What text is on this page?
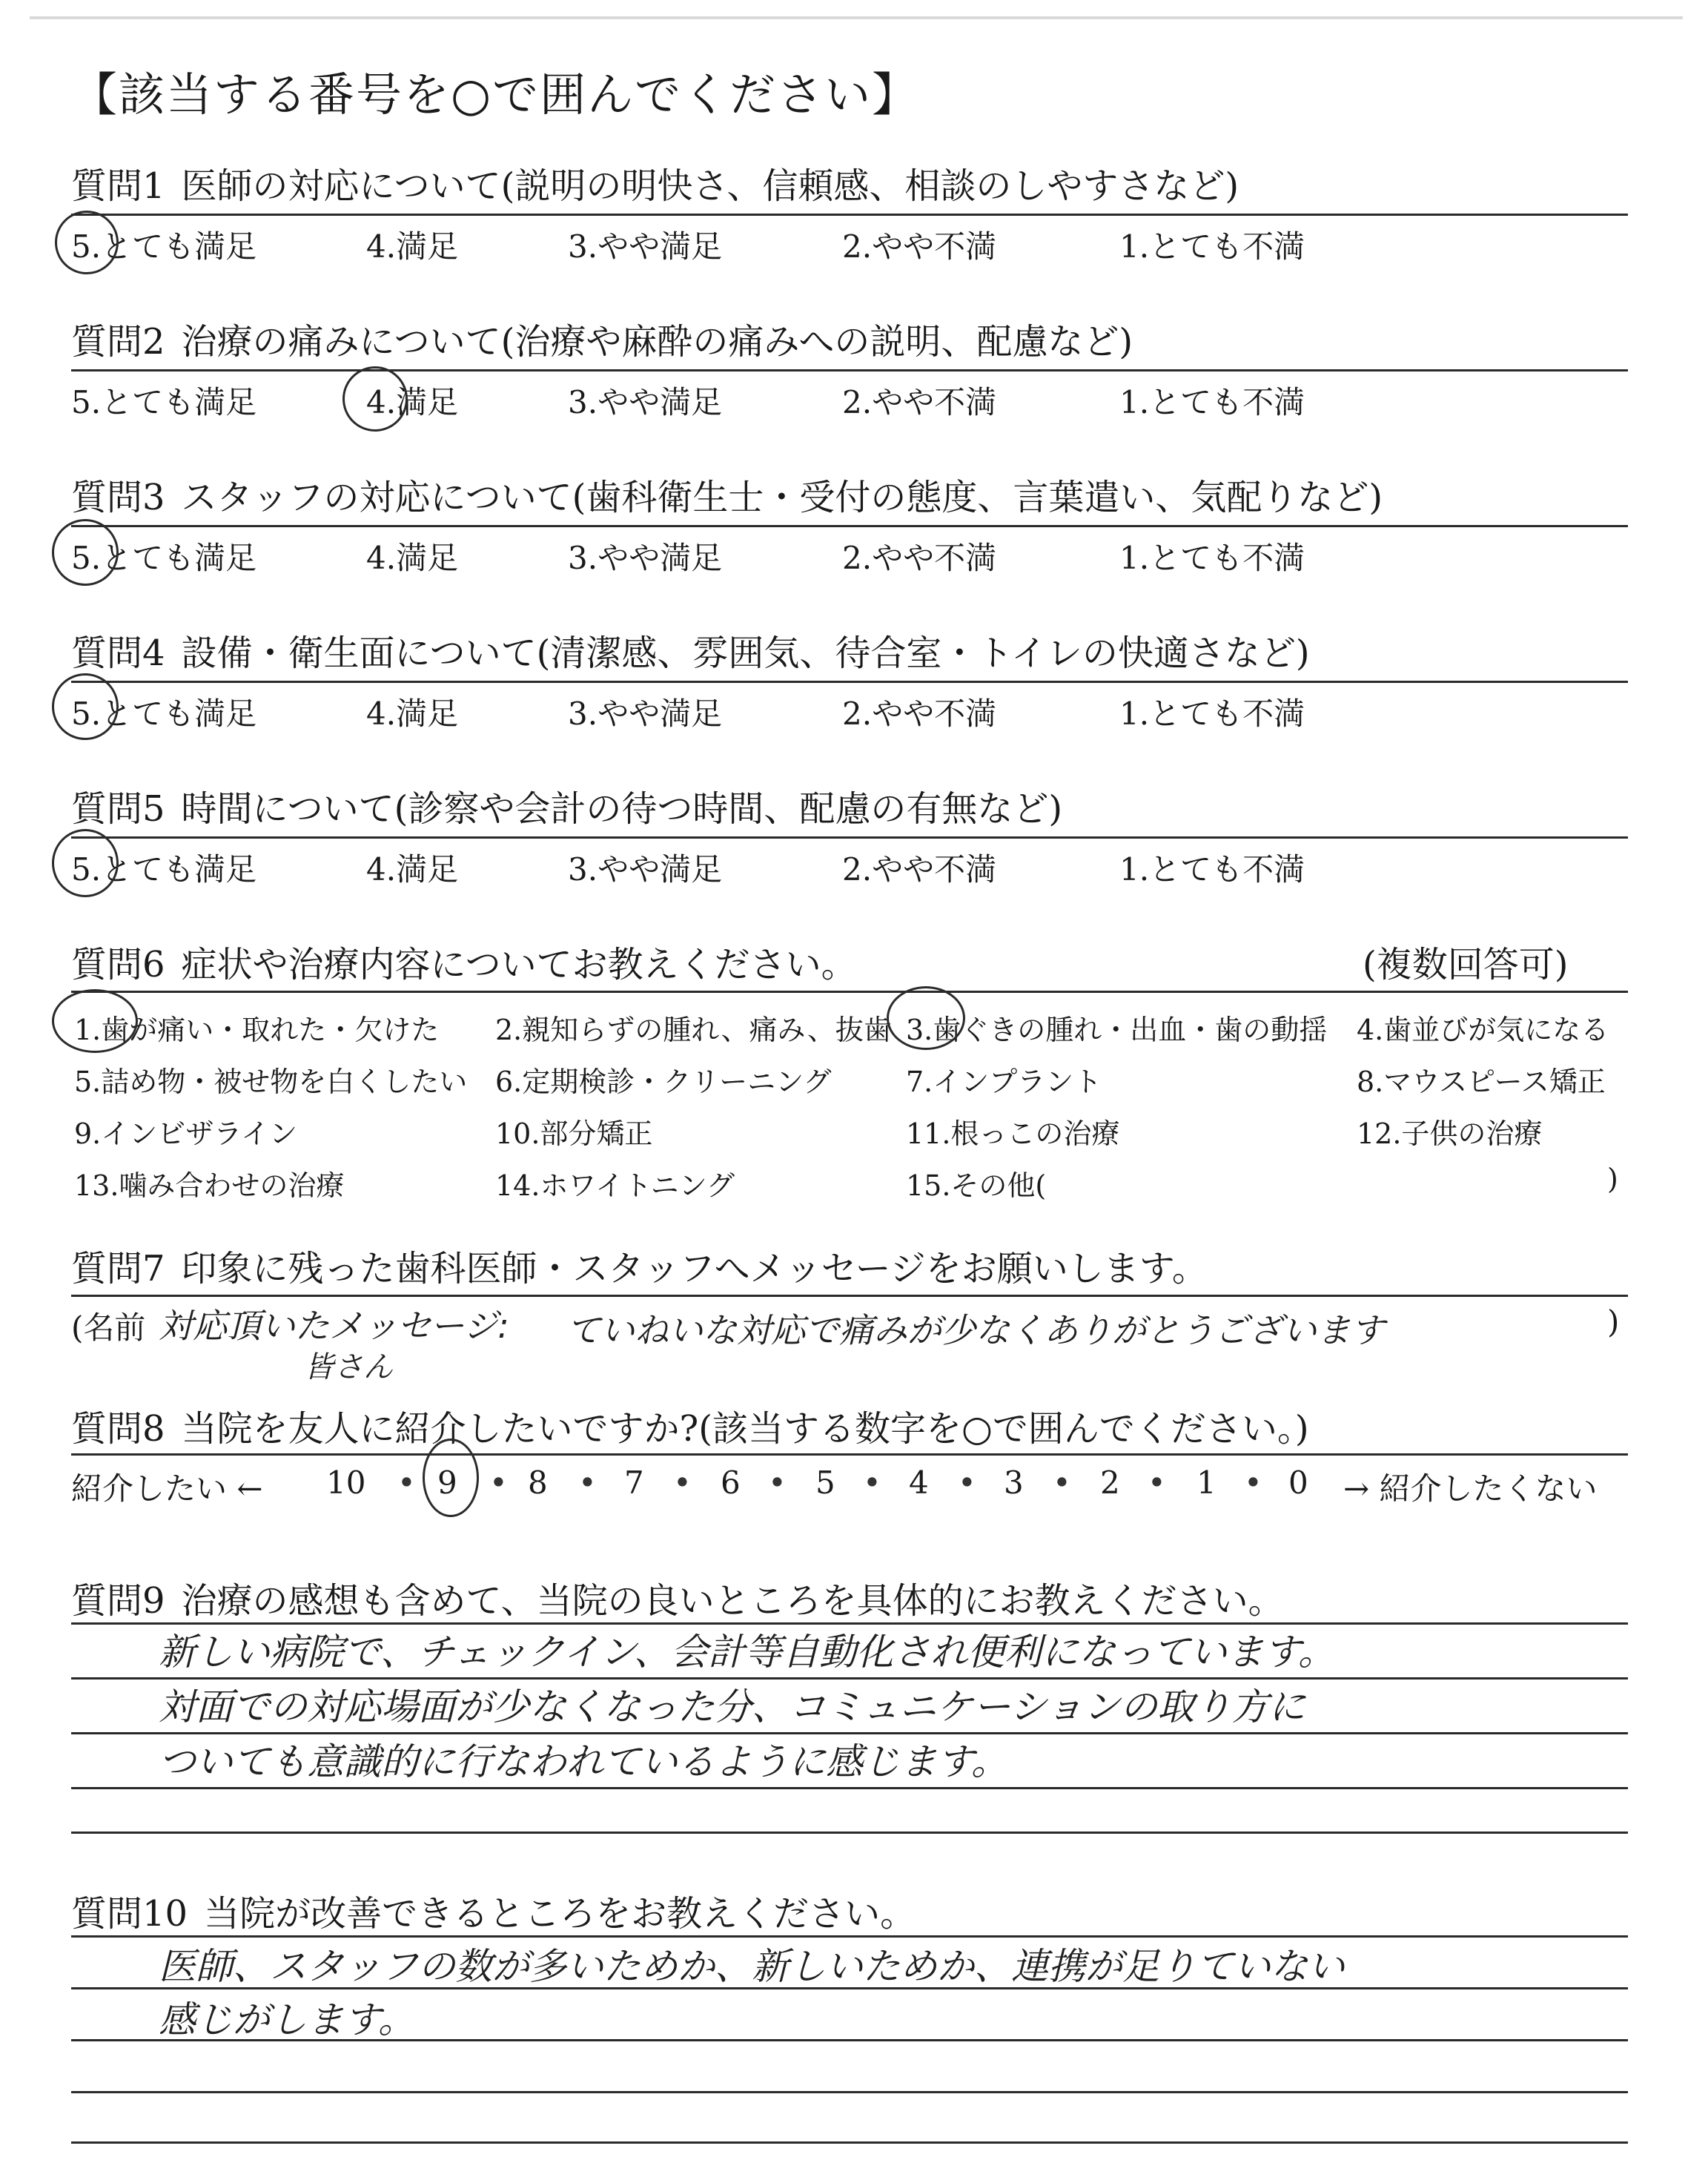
【該当する番号を○で囲んでください】
質問1 医師の対応について(説明の明快さ、信頼感、相談のしやすさなど)
5.とても満足	4.満足	3.やや満足	2.やや不満	1.とても不満
質問2 治療の痛みについて(治療や麻酔の痛みへの説明、配慮など)
5.とても満足	4.満足	3.やや満足	2.やや不満	1.とても不満
質問3 スタッフの対応について(歯科衛生士・受付の態度、言葉遣い、気配りなど)
5.とても満足	4.満足	3.やや満足	2.やや不満	1.とても不満
質問4 設備・衛生面について(清潔感、雰囲気、待合室・トイレの快適さなど)
5.とても満足	4.満足	3.やや満足	2.やや不満	1.とても不満
質問5 時間について(診察や会計の待つ時間、配慮の有無など)
5.とても満足	4.満足	3.やや満足	2.やや不満	1.とても不満
質問6 症状や治療内容についてお教えください。	(複数回答可)
1.歯が痛い・取れた・欠けた 2.親知らずの腫れ、痛み、抜歯 3.歯ぐきの腫れ・出血・歯の動揺 4.歯並びが気になる
5.詰め物・被せ物を白くしたい 6.定期検診・クリーニング	7.インプラント	8.マウスピース矯正
9.インビザライン	10.部分矯正	11.根っこの治療	12.子供の治療
13.噛み合わせの治療	14.ホワイトニング	15.その他(	)
質問7 印象に残った歯科医師・スタッフへメッセージをお願いします。
(名前 対応頂いたメッセージ:
皆さん
ていねいな対応で痛みが少なくありがとうございます	)
質問8 当院を友人に紹介したいですか?(該当する数字を○で囲んでください。)
紹介したい ← 10 9 8 7 6 5 4 3 2 1 0 → 紹介したくない
• • • • • • • • •	•
質問9 治療の感想も含めて、当院の良いところを具体的にお教えください。
新しい病院で、チェックイン、会計等自動化され便利になっています。
対面での対応場面が少なくなった分、コミュニケーションの取り方に
ついても意識的に行なわれているように感じます。
質問10 当院が改善できるところをお教えください。
医師、スタッフの数が多いためか、新しいためか、連携が足りていない
感じがします。
